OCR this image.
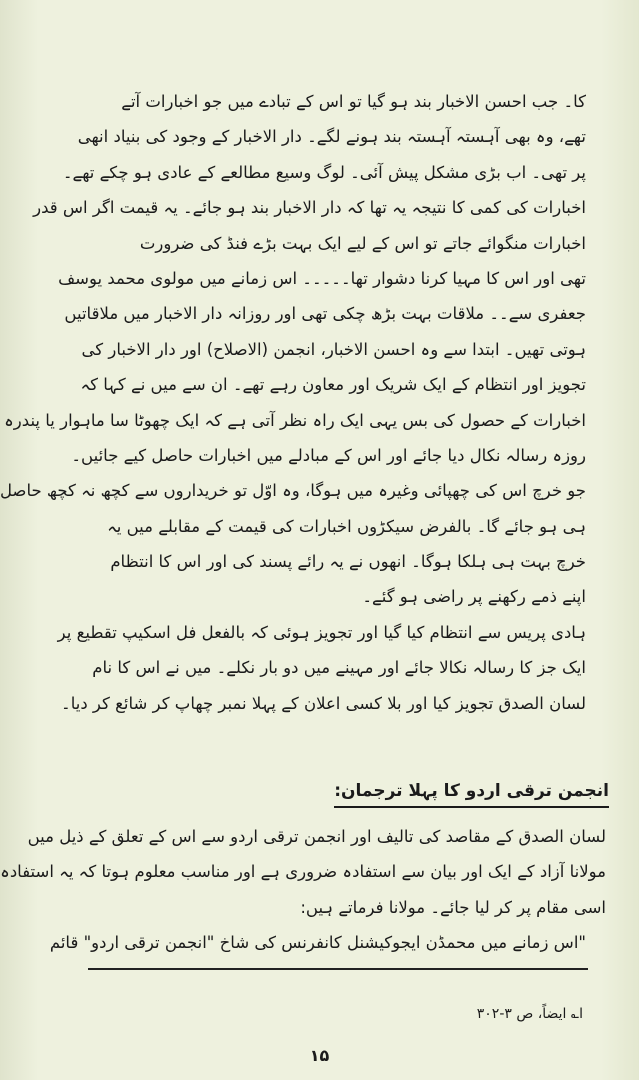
کا۔ جب احسن الاخبار بند ہو گیا تو اس کے تبادے میں جو اخبارات آتے
تھے، وہ بھی آہستہ آہستہ بند ہونے لگے۔ دار الاخبار کے وجود کی بنیاد انھی
پر تھی۔ اب بڑی مشکل پیش آئی۔ لوگ وسیع مطالعے کے عادی ہو چکے تھے۔
اخبارات کی کمی کا نتیجہ یہ تھا کہ دار الاخبار بند ہو جائے۔ یہ قیمت اگر اس قدر
اخبارات منگوائے جاتے تو اس کے لیے ایک بہت بڑے فنڈ کی ضرورت
تھی اور اس کا مہیا کرنا دشوار تھا۔۔۔۔۔ اس زمانے میں مولوی محمد یوسف
جعفری سے۔۔ ملاقات بہت بڑھ چکی تھی اور روزانہ دار الاخبار میں ملاقاتیں
ہوتی تھیں۔ ابتدا سے وہ احسن الاخبار، انجمن (الاصلاح) اور دار الاخبار کی
تجویز اور انتظام کے ایک شریک اور معاون رہے تھے۔ ان سے میں نے کہا کہ
اخبارات کے حصول کی بس یہی ایک راہ نظر آتی ہے کہ ایک چھوٹا سا ماہوار یا پندرہ
روزہ رسالہ نکال دیا جائے اور اس کے مبادلے میں اخبارات حاصل کیے جائیں۔
جو خرچ اس کی چھپائی وغیرہ میں ہوگا، وہ اوّل تو خریداروں سے کچھ نہ کچھ حاصل
ہی ہو جائے گا۔ بالفرض سیکڑوں اخبارات کی قیمت کے مقابلے میں یہ
خرچ بہت ہی ہلکا ہوگا۔ انھوں نے یہ رائے پسند کی اور اس کا انتظام
اپنے ذمے رکھنے پر راضی ہو گئے۔
ہادی پریس سے انتظام کیا گیا اور تجویز ہوئی کہ بالفعل فل اسکیپ تقطیع پر
ایک جز کا رسالہ نکالا جائے اور مہینے میں دو بار نکلے۔ میں نے اس کا نام
لسان الصدق تجویز کیا اور بلا کسی اعلان کے پہلا نمبر چھاپ کر شائع کر دیا۔
انجمن ترقی اردو کا پہلا ترجمان:
لسان الصدق کے مقاصد کی تالیف اور انجمن ترقی اردو سے اس کے تعلق کے ذیل میں
مولانا آزاد کے ایک اور بیان سے استفادہ ضروری ہے اور مناسب معلوم ہوتا کہ یہ استفادہ
اسی مقام پر کر لیا جائے۔ مولانا فرماتے ہیں:
"اس زمانے میں محمڈن ایجوکیشنل کانفرنس کی شاخ "انجمن ترقی اردو" قائم
ا؎ ایضاً، ص ۳-۳۰۲
۱۵
